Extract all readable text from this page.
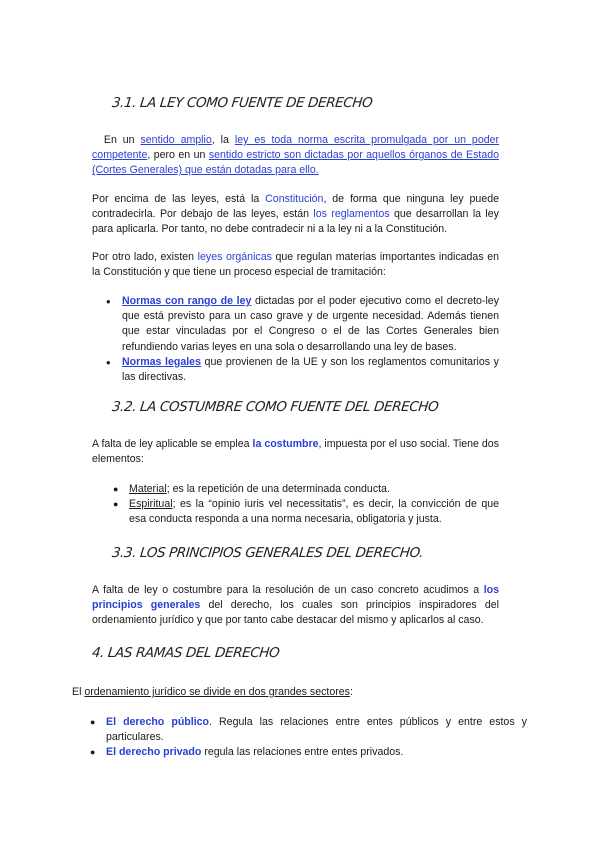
3.1. LA LEY COMO FUENTE DE DERECHO
En un sentido amplio, la ley es toda norma escrita promulgada por un poder competente, pero en un sentido estricto son dictadas por aquellos órganos de Estado (Cortes Generales) que están dotadas para ello.
Por encima de las leyes, está la Constitución, de forma que ninguna ley puede contradecirla. Por debajo de las leyes, están los reglamentos que desarrollan la ley para aplicarla. Por tanto, no debe contradecir ni a la ley ni a la Constitución.
Por otro lado, existen leyes orgánicas que regulan materias importantes indicadas en la Constitución y que tiene un proceso especial de tramitación:
• Normas con rango de ley dictadas por el poder ejecutivo como el decreto-ley que está previsto para un caso grave y de urgente necesidad. Además tienen que estar vinculadas por el Congreso o el de las Cortes Generales bien refundiendo varias leyes en una sola o desarrollando una ley de bases.
• Normas legales que provienen de la UE y son los reglamentos comunitarios y las directivas.
3.2. LA COSTUMBRE COMO FUENTE DEL DERECHO
A falta de ley aplicable se emplea la costumbre, impuesta por el uso social. Tiene dos elementos:
● Material; es la repetición de una determinada conducta.
● Espiritual; es la “opinio iuris vel necessitatis”, es decir, la convicción de que esa conducta responda a una norma necesaria, obligatoria y justa.
3.3. LOS PRINCIPIOS GENERALES DEL DERECHO.
A falta de ley o costumbre para la resolución de un caso concreto acudimos a los principios generales del derecho, los cuales son principios inspiradores del ordenamiento jurídico y que por tanto cabe destacar del mismo y aplicarlos al caso.
4. LAS RAMAS DEL DERECHO
El ordenamiento jurídico se divide en dos grandes sectores:
● El derecho público. Regula las relaciones entre entes públicos y entre estos y particulares.
● El derecho privado regula las relaciones entre entes privados.
